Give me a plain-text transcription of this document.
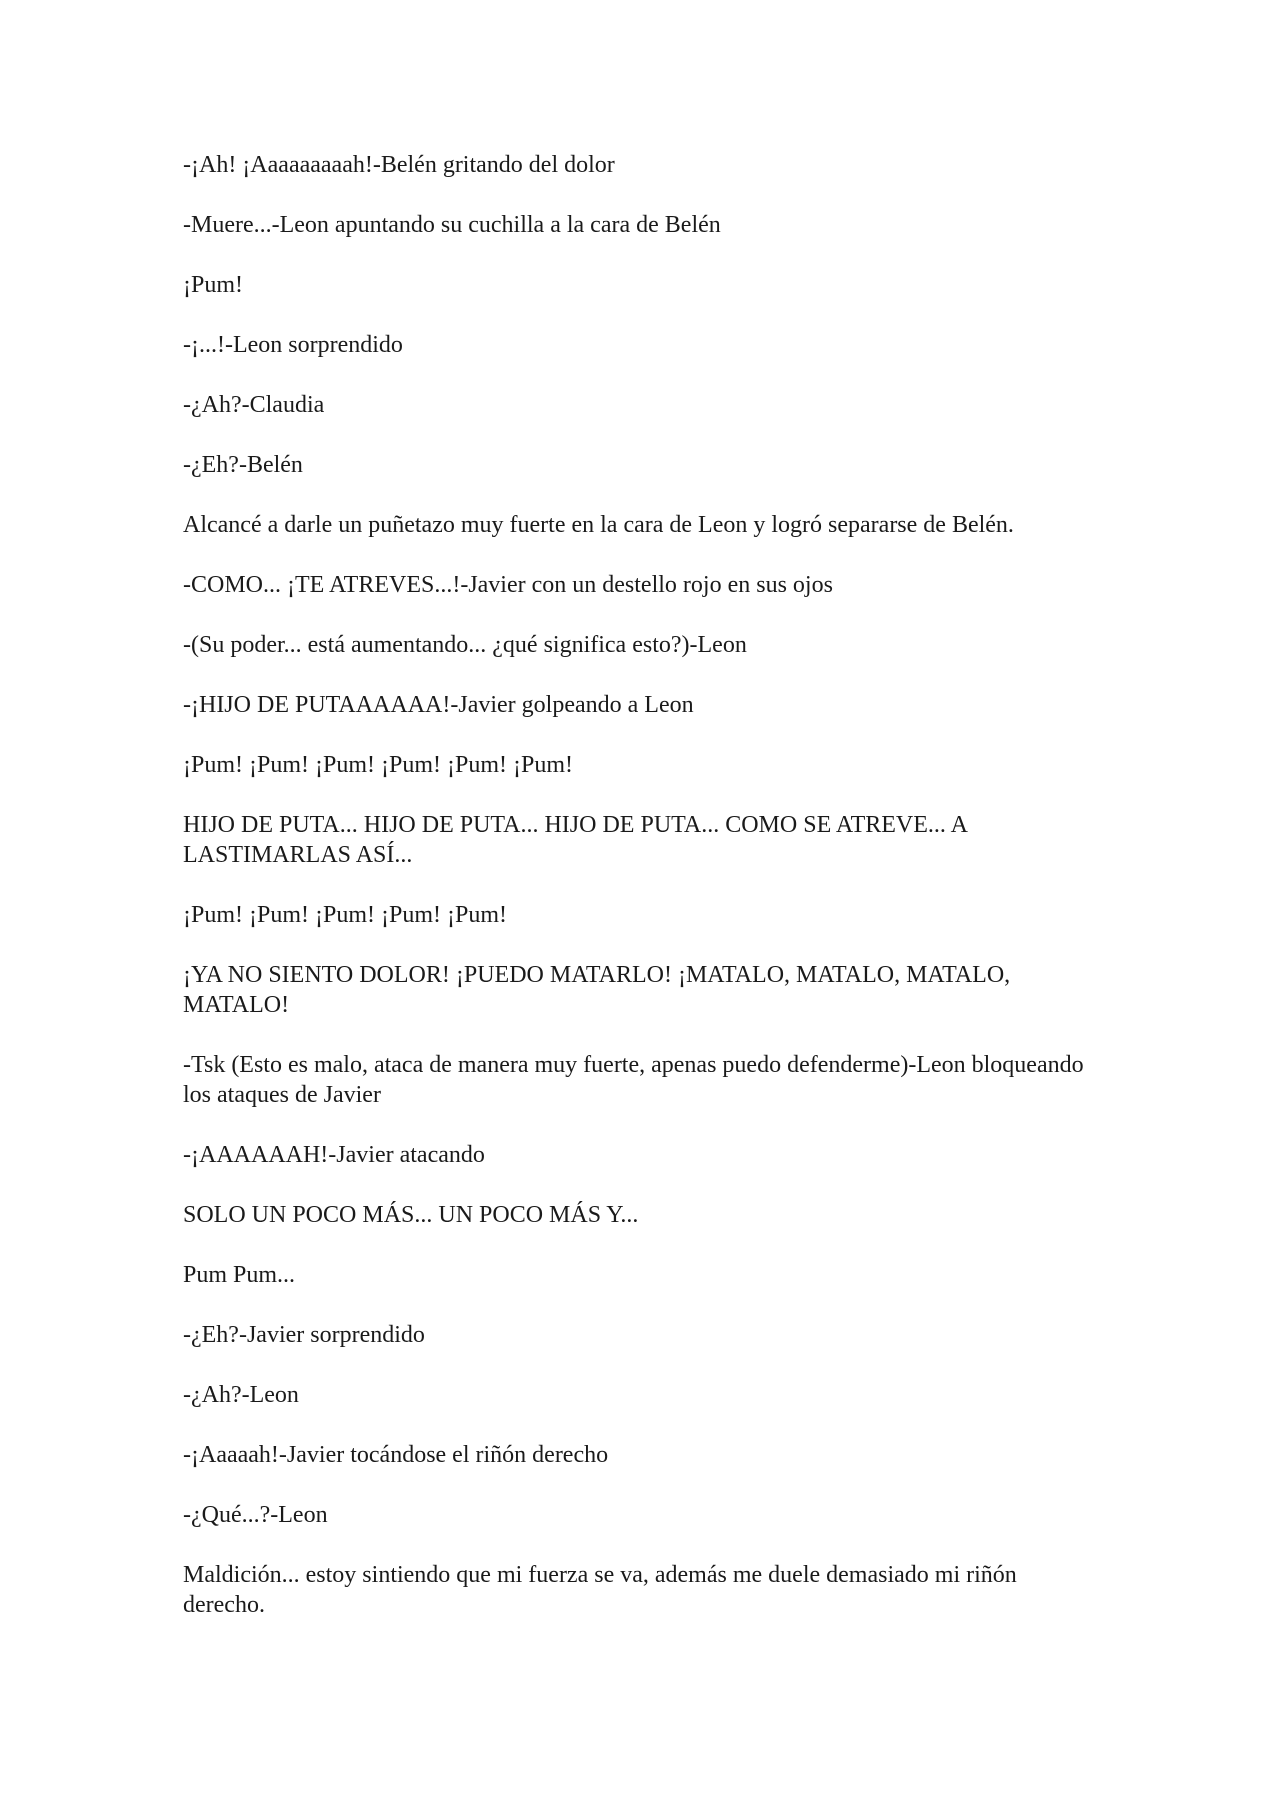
-¡Ah! ¡Aaaaaaaaah!-Belén gritando del dolor

-Muere...-Leon apuntando su cuchilla a la cara de Belén

¡Pum!

-¡...!-Leon sorprendido

-¿Ah?-Claudia

-¿Eh?-Belén

Alcancé a darle un puñetazo muy fuerte en la cara de Leon y logró separarse de Belén.

-COMO... ¡TE ATREVES...!-Javier con un destello rojo en sus ojos

-(Su poder... está aumentando... ¿qué significa esto?)-Leon

-¡HIJO DE PUTAAAAAA!-Javier golpeando a Leon

¡Pum! ¡Pum! ¡Pum! ¡Pum! ¡Pum! ¡Pum!

HIJO DE PUTA... HIJO DE PUTA... HIJO DE PUTA... COMO SE ATREVE... A LASTIMARLAS ASÍ...

¡Pum! ¡Pum! ¡Pum! ¡Pum! ¡Pum!

¡YA NO SIENTO DOLOR! ¡PUEDO MATARLO! ¡MATALO, MATALO, MATALO, MATALO!

-Tsk (Esto es malo, ataca de manera muy fuerte, apenas puedo defenderme)-Leon bloqueando los ataques de Javier

-¡AAAAAAH!-Javier atacando

SOLO UN POCO MÁS... UN POCO MÁS Y...

Pum Pum...

-¿Eh?-Javier sorprendido

-¿Ah?-Leon

-¡Aaaaah!-Javier tocándose el riñón derecho

-¿Qué...?-Leon

Maldición... estoy sintiendo que mi fuerza se va, además me duele demasiado mi riñón derecho.
